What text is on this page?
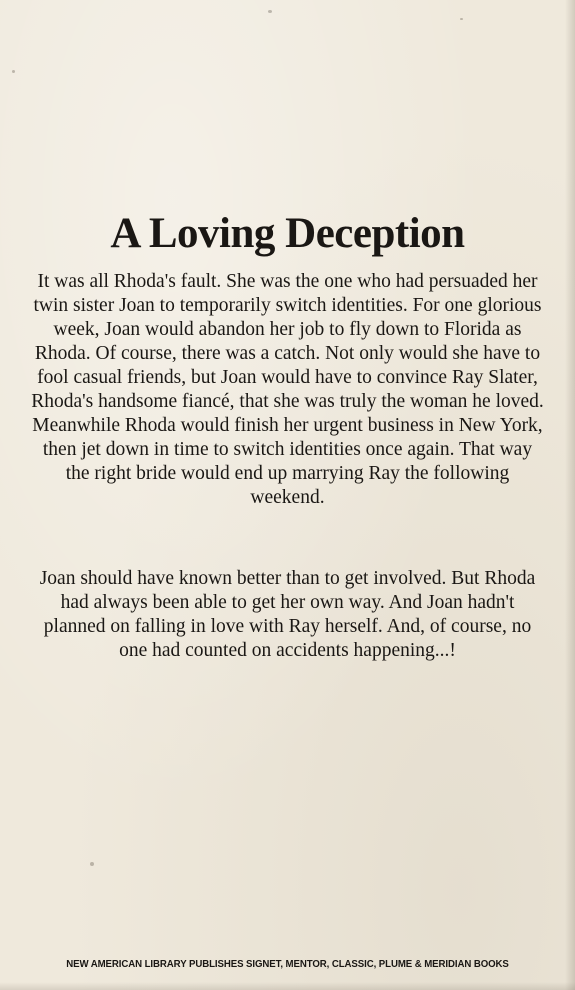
A Loving Deception

It was all Rhoda's fault. She was the one who had persuaded her twin sister Joan to temporarily switch identities. For one glorious week, Joan would abandon her job to fly down to Florida as Rhoda. Of course, there was a catch. Not only would she have to fool casual friends, but Joan would have to convince Ray Slater, Rhoda's handsome fiancé, that she was truly the woman he loved. Meanwhile Rhoda would finish her urgent business in New York, then jet down in time to switch identities once again. That way the right bride would end up marrying Ray the following weekend.

Joan should have known better than to get involved. But Rhoda had always been able to get her own way. And Joan hadn't planned on falling in love with Ray herself. And, of course, no one had counted on accidents happening...!

NEW AMERICAN LIBRARY PUBLISHES SIGNET, MENTOR, CLASSIC, PLUME & MERIDIAN BOOKS
